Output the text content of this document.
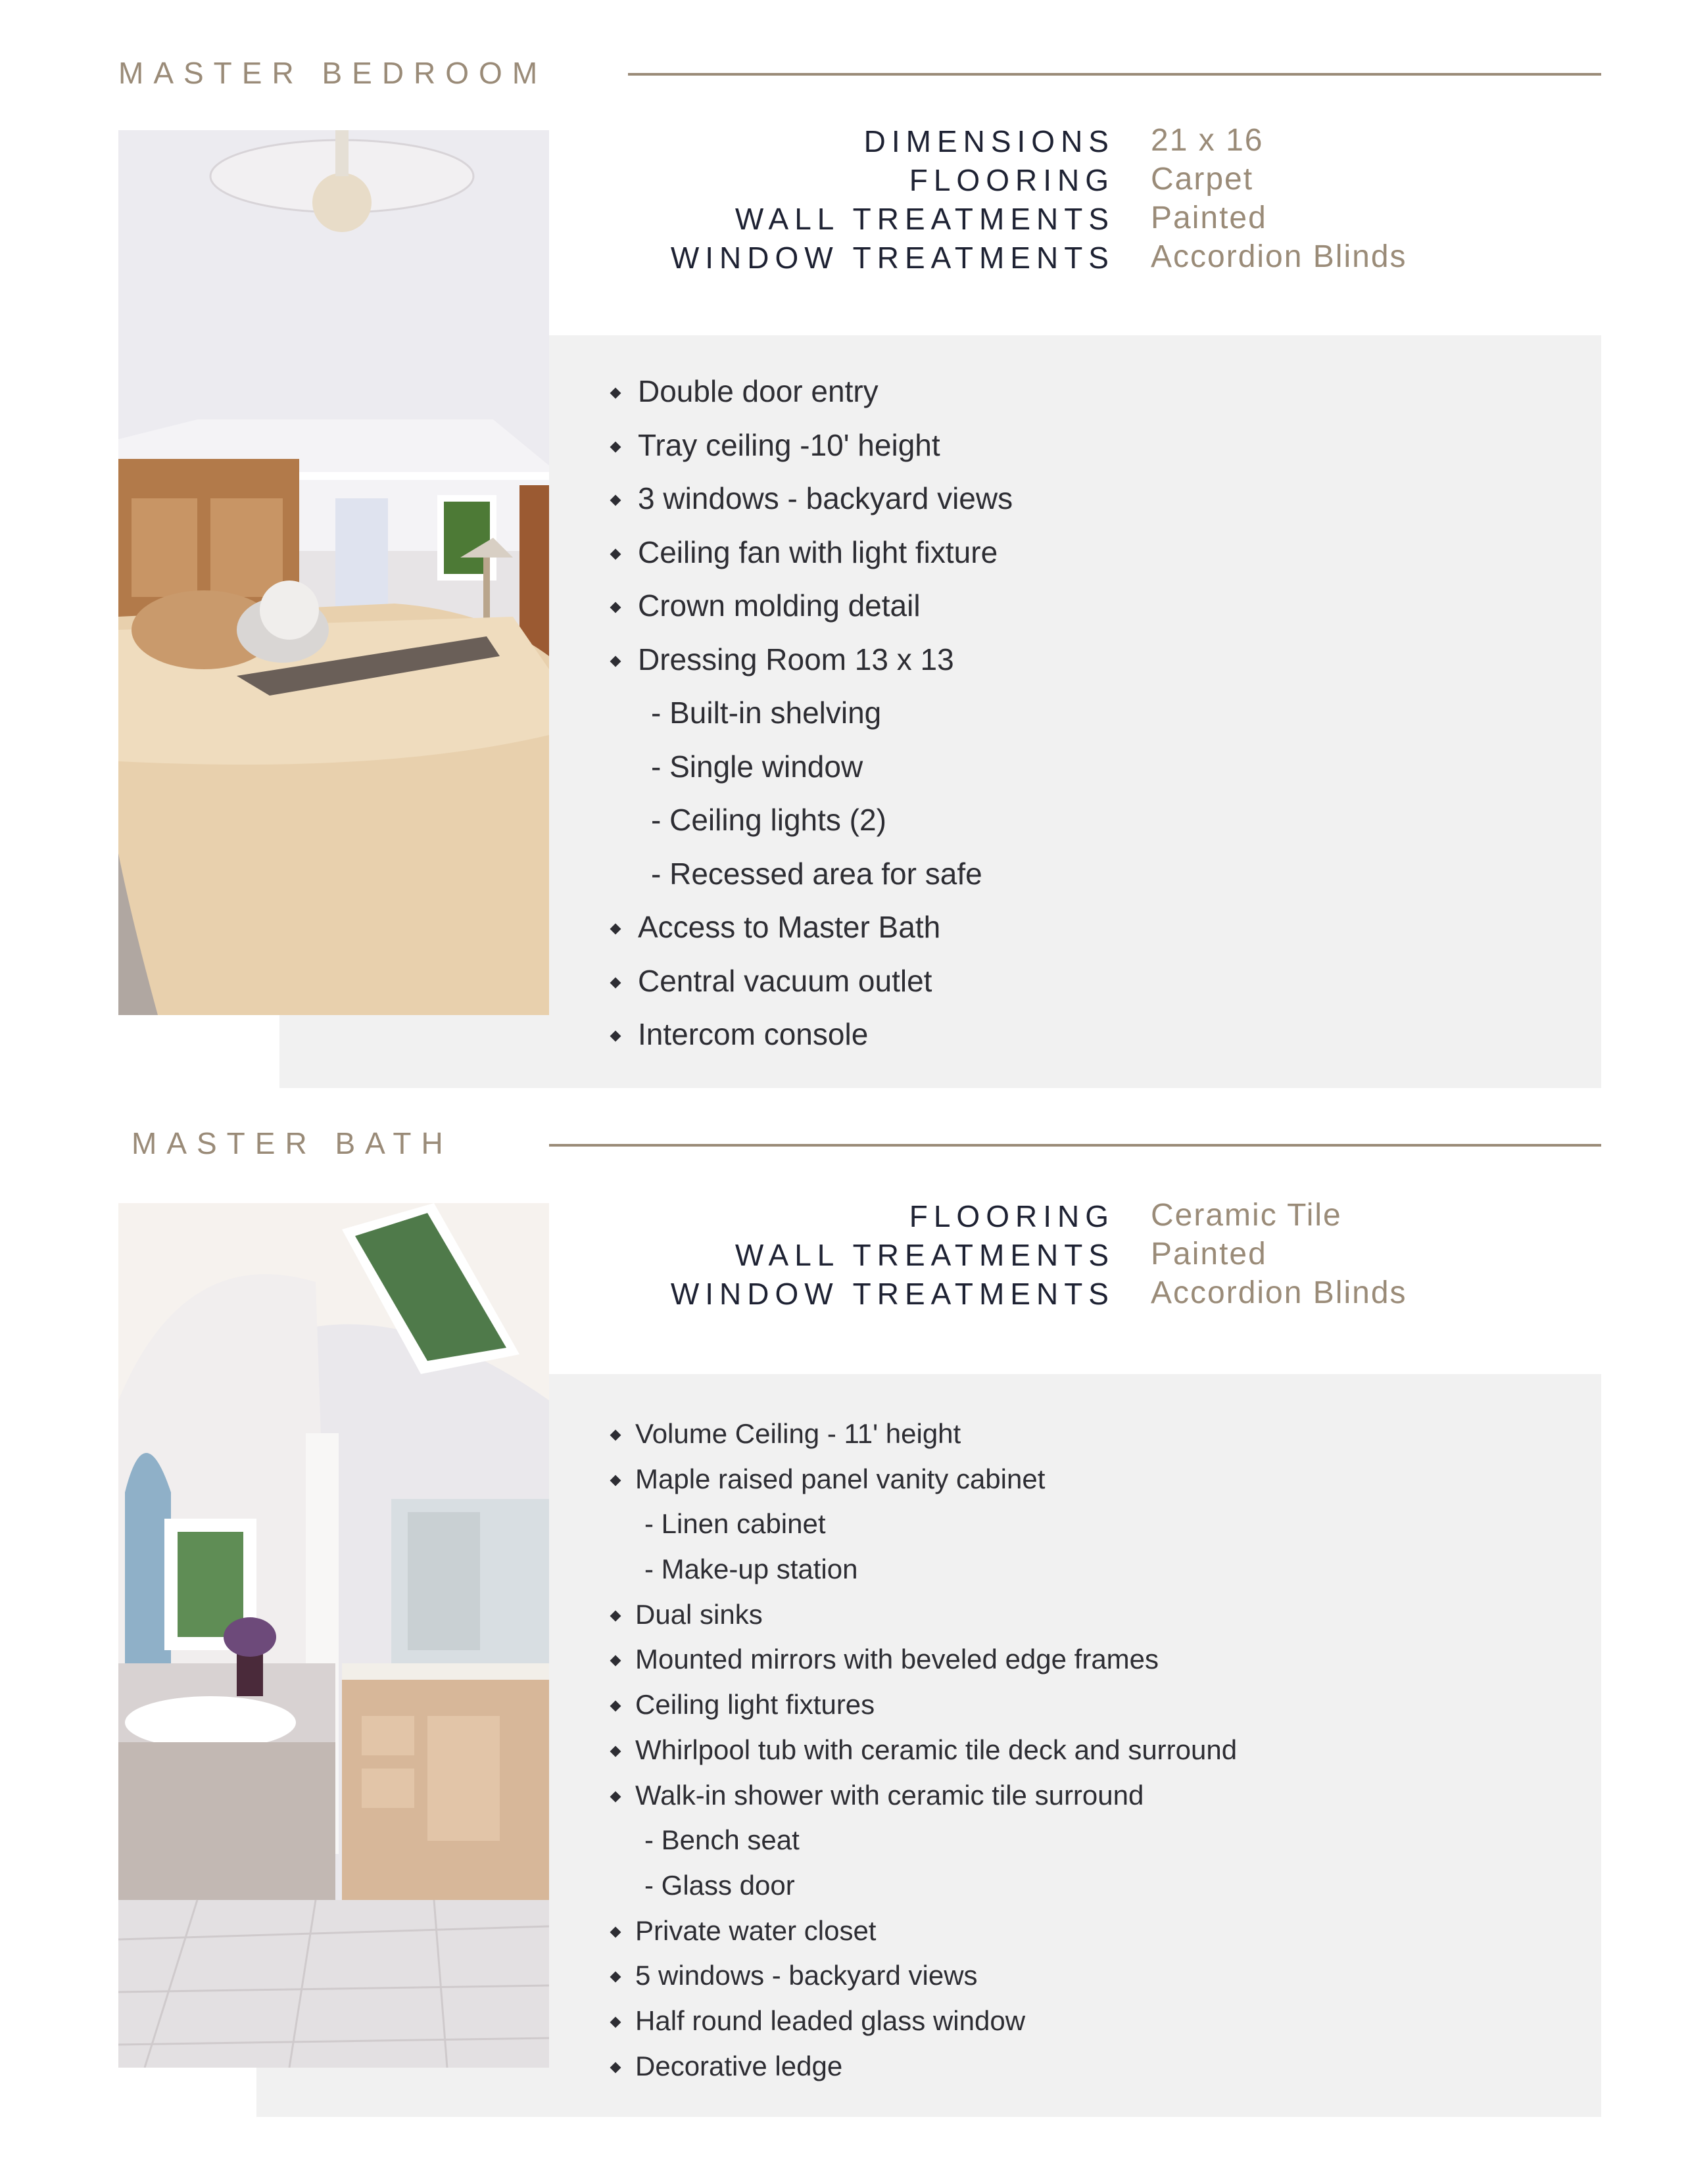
MASTER BEDROOM
DIMENSIONS 21 x 16
FLOORING Carpet
WALL TREATMENTS Painted
WINDOW TREATMENTS Accordion Blinds
Double door entry
Tray ceiling -10' height
3 windows - backyard views
Ceiling fan with light fixture
Crown molding detail
Dressing Room 13 x 13
- Built-in shelving
- Single window
- Ceiling lights (2)
- Recessed area for safe
Access to Master Bath
Central vacuum outlet
Intercom console
MASTER BATH
FLOORING Ceramic Tile
WALL TREATMENTS Painted
WINDOW TREATMENTS Accordion Blinds
Volume Ceiling - 11' height
Maple raised panel vanity cabinet
- Linen cabinet
- Make-up station
Dual sinks
Mounted mirrors with beveled edge frames
Ceiling light fixtures
Whirlpool tub with ceramic tile deck and surround
Walk-in shower with ceramic tile surround
- Bench seat
- Glass door
Private water closet
5 windows - backyard views
Half round leaded glass window
Decorative ledge
